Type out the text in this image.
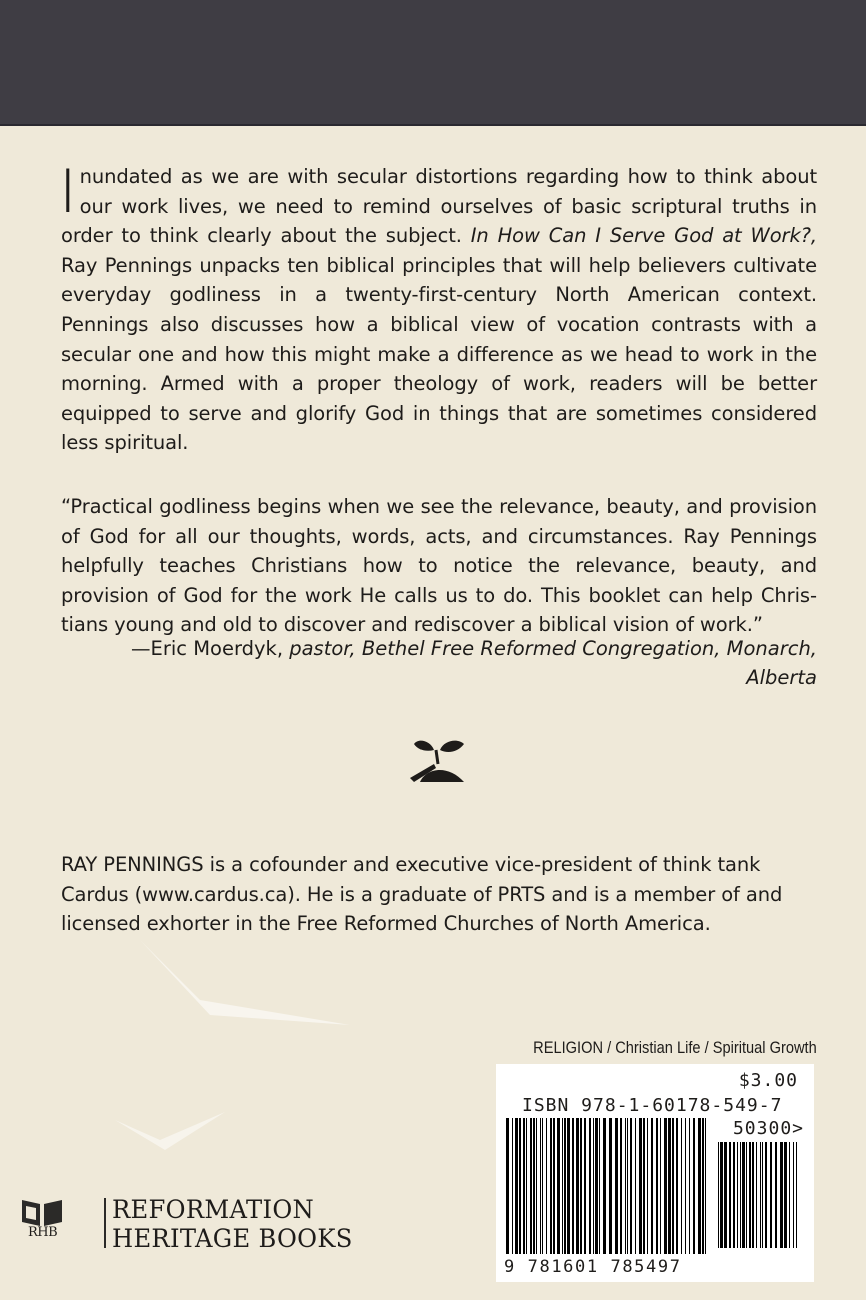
Inundated as we are with secular distortions regarding how to think about our work lives, we need to remind ourselves of basic scriptural truths in order to think clearly about the subject. In How Can I Serve God at Work?, Ray Pennings unpacks ten biblical principles that will help believers cultivate everyday godliness in a twenty-first-century North American context. Pennings also discusses how a biblical view of vocation contrasts with a secular one and how this might make a difference as we head to work in the morning. Armed with a proper theology of work, readers will be better equipped to serve and glorify God in things that are sometimes considered less spiritual.
“Practical godliness begins when we see the relevance, beauty, and provision of God for all our thoughts, words, acts, and circumstances. Ray Pennings helpfully teaches Christians how to notice the relevance, beauty, and provision of God for the work He calls us to do. This booklet can help Christians young and old to discover and rediscover a biblical vision of work.”
—Eric Moerdyk, pastor, Bethel Free Reformed Congregation, Monarch, Alberta
RAY PENNINGS is a cofounder and executive vice-president of think tank Cardus (www.cardus.ca). He is a graduate of PRTS and is a member of and licensed exhorter in the Free Reformed Churches of North America.
RELIGION / Christian Life / Spiritual Growth
$3.00
ISBN 978-1-60178-549-7
50300>
9 781601 785497
RHB
REFORMATION
HERITAGE BOOKS
